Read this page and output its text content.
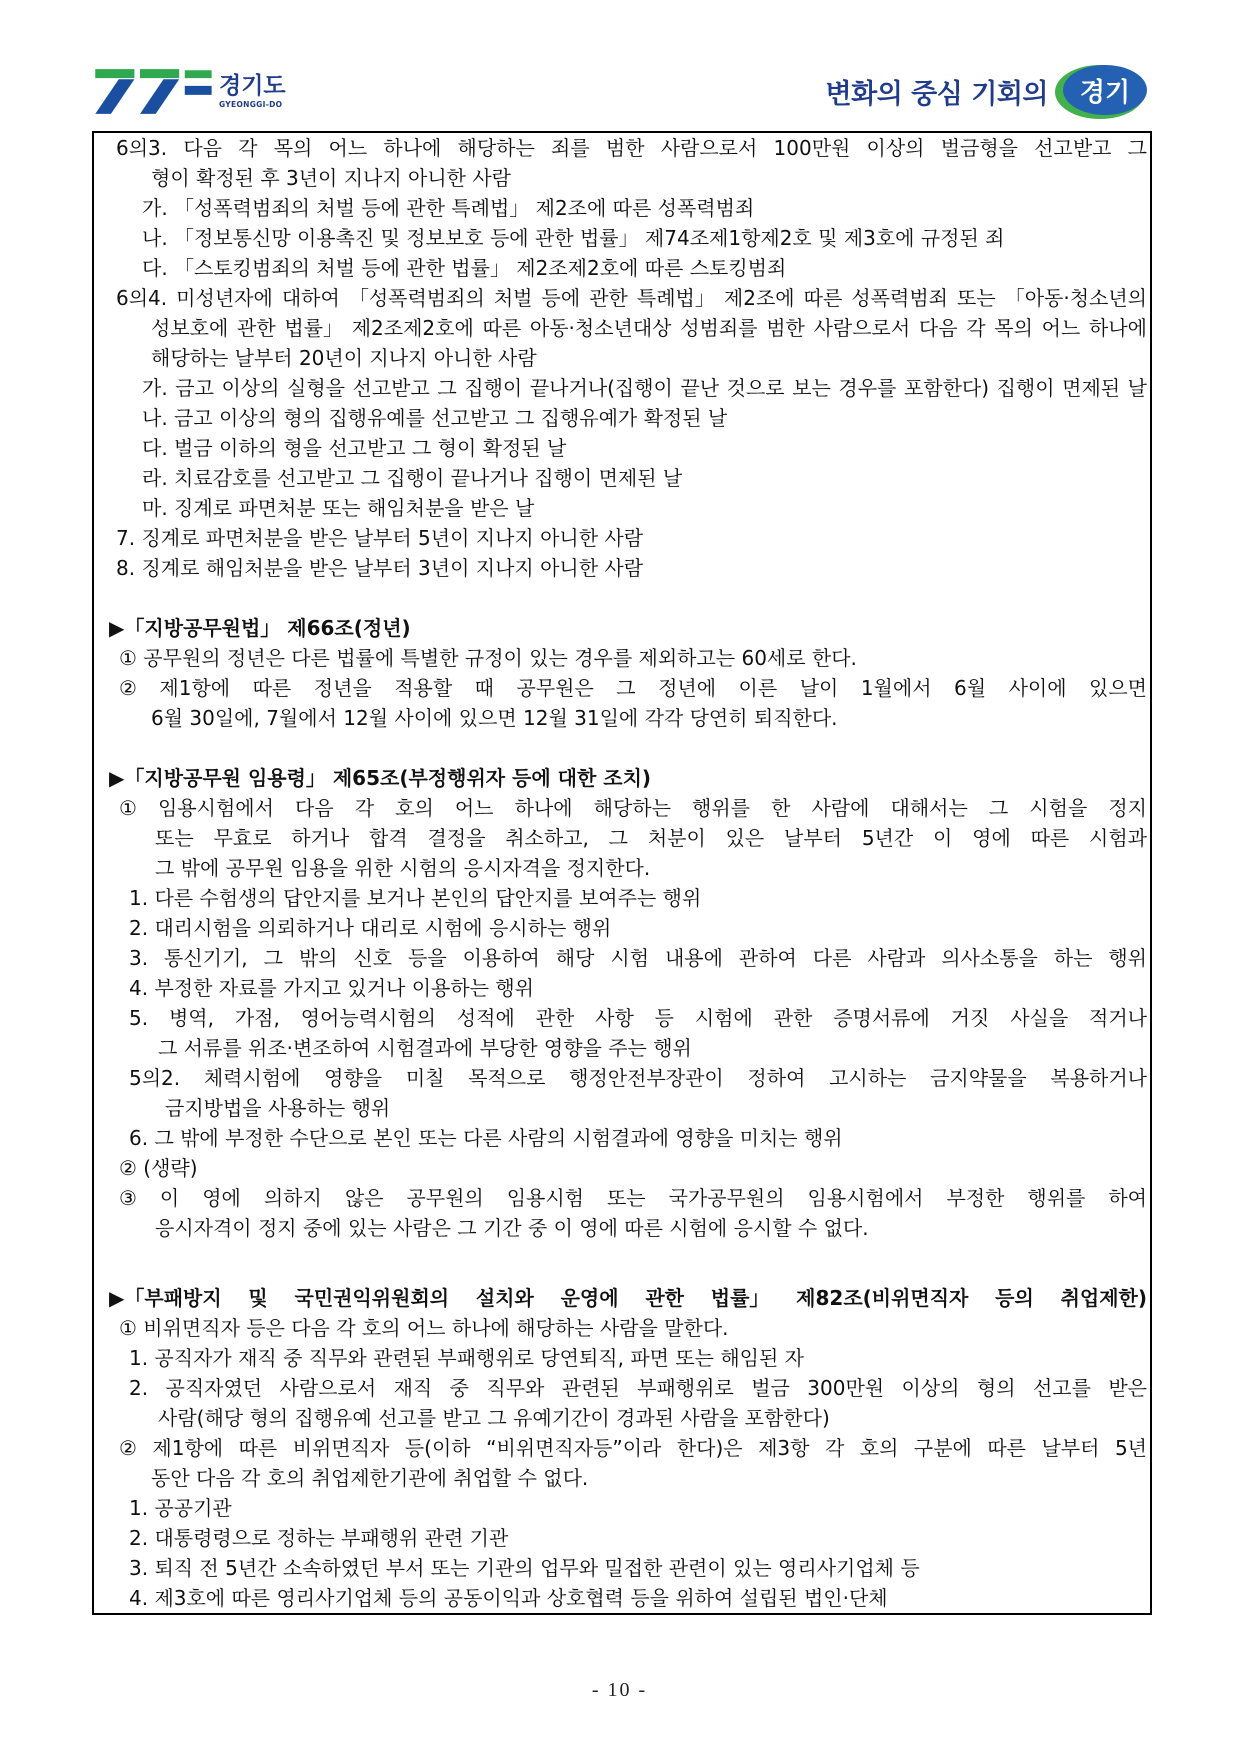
경기도
GYEONGGI-DO	변화의 중심 기회의	경기
6의3. 다음 각 목의 어느 하나에 해당하는 죄를 범한 사람으로서 100만원 이상의 벌금형을 선고받고 그
형이 확정된 후 3년이 지나지 아니한 사람
가. 「성폭력범죄의 처벌 등에 관한 특례법」 제2조에 따른 성폭력범죄
나. 「정보통신망 이용촉진 및 정보보호 등에 관한 법률」 제74조제1항제2호 및 제3호에 규정된 죄
다. 「스토킹범죄의 처벌 등에 관한 법률」 제2조제2호에 따른 스토킹범죄
6의4. 미성년자에 대하여 「성폭력범죄의 처벌 등에 관한 특례법」 제2조에 따른 성폭력범죄 또는 「아동·청소년의
성보호에 관한 법률」 제2조제2호에 따른 아동·청소년대상 성범죄를 범한 사람으로서 다음 각 목의 어느 하나에
해당하는 날부터 20년이 지나지 아니한 사람
가. 금고 이상의 실형을 선고받고 그 집행이 끝나거나(집행이 끝난 것으로 보는 경우를 포함한다) 집행이 면제된 날
나. 금고 이상의 형의 집행유예를 선고받고 그 집행유예가 확정된 날
다. 벌금 이하의 형을 선고받고 그 형이 확정된 날
라. 치료감호를 선고받고 그 집행이 끝나거나 집행이 면제된 날
마. 징계로 파면처분 또는 해임처분을 받은 날
7. 징계로 파면처분을 받은 날부터 5년이 지나지 아니한 사람
8. 징계로 해임처분을 받은 날부터 3년이 지나지 아니한 사람
▶「지방공무원법」 제66조(정년)
① 공무원의 정년은 다른 법률에 특별한 규정이 있는 경우를 제외하고는 60세로 한다.
② 제1항에 따른 정년을 적용할 때 공무원은 그 정년에 이른 날이 1월에서 6월 사이에 있으면
6월 30일에, 7월에서 12월 사이에 있으면 12월 31일에 각각 당연히 퇴직한다.
▶「지방공무원 임용령」 제65조(부정행위자 등에 대한 조치)
① 임용시험에서 다음 각 호의 어느 하나에 해당하는 행위를 한 사람에 대해서는 그 시험을 정지
또는 무효로 하거나 합격 결정을 취소하고, 그 처분이 있은 날부터 5년간 이 영에 따른 시험과
그 밖에 공무원 임용을 위한 시험의 응시자격을 정지한다.
1. 다른 수험생의 답안지를 보거나 본인의 답안지를 보여주는 행위
2. 대리시험을 의뢰하거나 대리로 시험에 응시하는 행위
3. 통신기기, 그 밖의 신호 등을 이용하여 해당 시험 내용에 관하여 다른 사람과 의사소통을 하는 행위
4. 부정한 자료를 가지고 있거나 이용하는 행위
5. 병역, 가점, 영어능력시험의 성적에 관한 사항 등 시험에 관한 증명서류에 거짓 사실을 적거나
그 서류를 위조·변조하여 시험결과에 부당한 영향을 주는 행위
5의2. 체력시험에 영향을 미칠 목적으로 행정안전부장관이 정하여 고시하는 금지약물을 복용하거나
금지방법을 사용하는 행위
6. 그 밖에 부정한 수단으로 본인 또는 다른 사람의 시험결과에 영향을 미치는 행위
② (생략)
③ 이 영에 의하지 않은 공무원의 임용시험 또는 국가공무원의 임용시험에서 부정한 행위를 하여
응시자격이 정지 중에 있는 사람은 그 기간 중 이 영에 따른 시험에 응시할 수 없다.
▶「부패방지 및 국민권익위원회의 설치와 운영에 관한 법률」 제82조(비위면직자 등의 취업제한)
① 비위면직자 등은 다음 각 호의 어느 하나에 해당하는 사람을 말한다.
1. 공직자가 재직 중 직무와 관련된 부패행위로 당연퇴직, 파면 또는 해임된 자
2. 공직자였던 사람으로서 재직 중 직무와 관련된 부패행위로 벌금 300만원 이상의 형의 선고를 받은
사람(해당 형의 집행유예 선고를 받고 그 유예기간이 경과된 사람을 포함한다)
② 제1항에 따른 비위면직자 등(이하 “비위면직자등”이라 한다)은 제3항 각 호의 구분에 따른 날부터 5년
동안 다음 각 호의 취업제한기관에 취업할 수 없다.
1. 공공기관
2. 대통령령으로 정하는 부패행위 관련 기관
3. 퇴직 전 5년간 소속하였던 부서 또는 기관의 업무와 밀접한 관련이 있는 영리사기업체 등
4. 제3호에 따른 영리사기업체 등의 공동이익과 상호협력 등을 위하여 설립된 법인·단체
- 10 -
